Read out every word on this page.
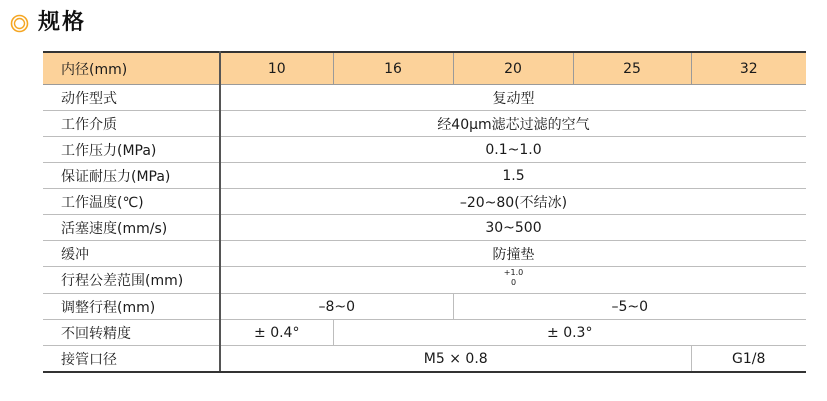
规格
内径(mm)	10	16	20	25	32
动作型式	复动型				
工作介质	经40μm滤芯过滤的空气				
工作压力(MPa)	0.1~1.0				
保证耐压力(MPa)	1.5				
工作温度(℃)	–20~80(不结冰)				
活塞速度(mm/s)	30~500				
缓冲	防撞垫				
行程公差范围(mm)	+1.0
0				

调整行程(mm)	–8~0		–5~0		
不回转精度	± 0.4°	± 0.3°			
接管口径	M5 × 0.8				G1/8
